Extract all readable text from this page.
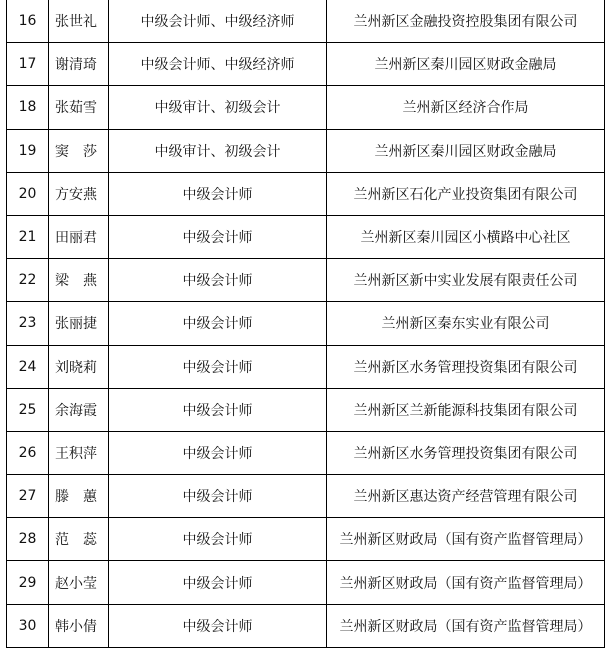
16	张世礼	中级会计师、中级经济师	兰州新区金融投资控股集团有限公司
17	谢清琦	中级会计师、中级经济师	兰州新区秦川园区财政金融局
18	张茹雪	中级审计、初级会计	兰州新区经济合作局
19	窦　莎	中级审计、初级会计	兰州新区秦川园区财政金融局
20	方安燕	中级会计师	兰州新区石化产业投资集团有限公司
21	田丽君	中级会计师	兰州新区秦川园区小横路中心社区
22	梁　燕	中级会计师	兰州新区新中实业发展有限责任公司
23	张丽捷	中级会计师	兰州新区秦东实业有限公司
24	刘晓莉	中级会计师	兰州新区水务管理投资集团有限公司
25	余海霞	中级会计师	兰州新区兰新能源科技集团有限公司
26	王积萍	中级会计师	兰州新区水务管理投资集团有限公司
27	滕　蕙	中级会计师	兰州新区惠达资产经营管理有限公司
28	范　蕊	中级会计师	兰州新区财政局（国有资产监督管理局）
29	赵小莹	中级会计师	兰州新区财政局（国有资产监督管理局）
30	韩小倩	中级会计师	兰州新区财政局（国有资产监督管理局）
